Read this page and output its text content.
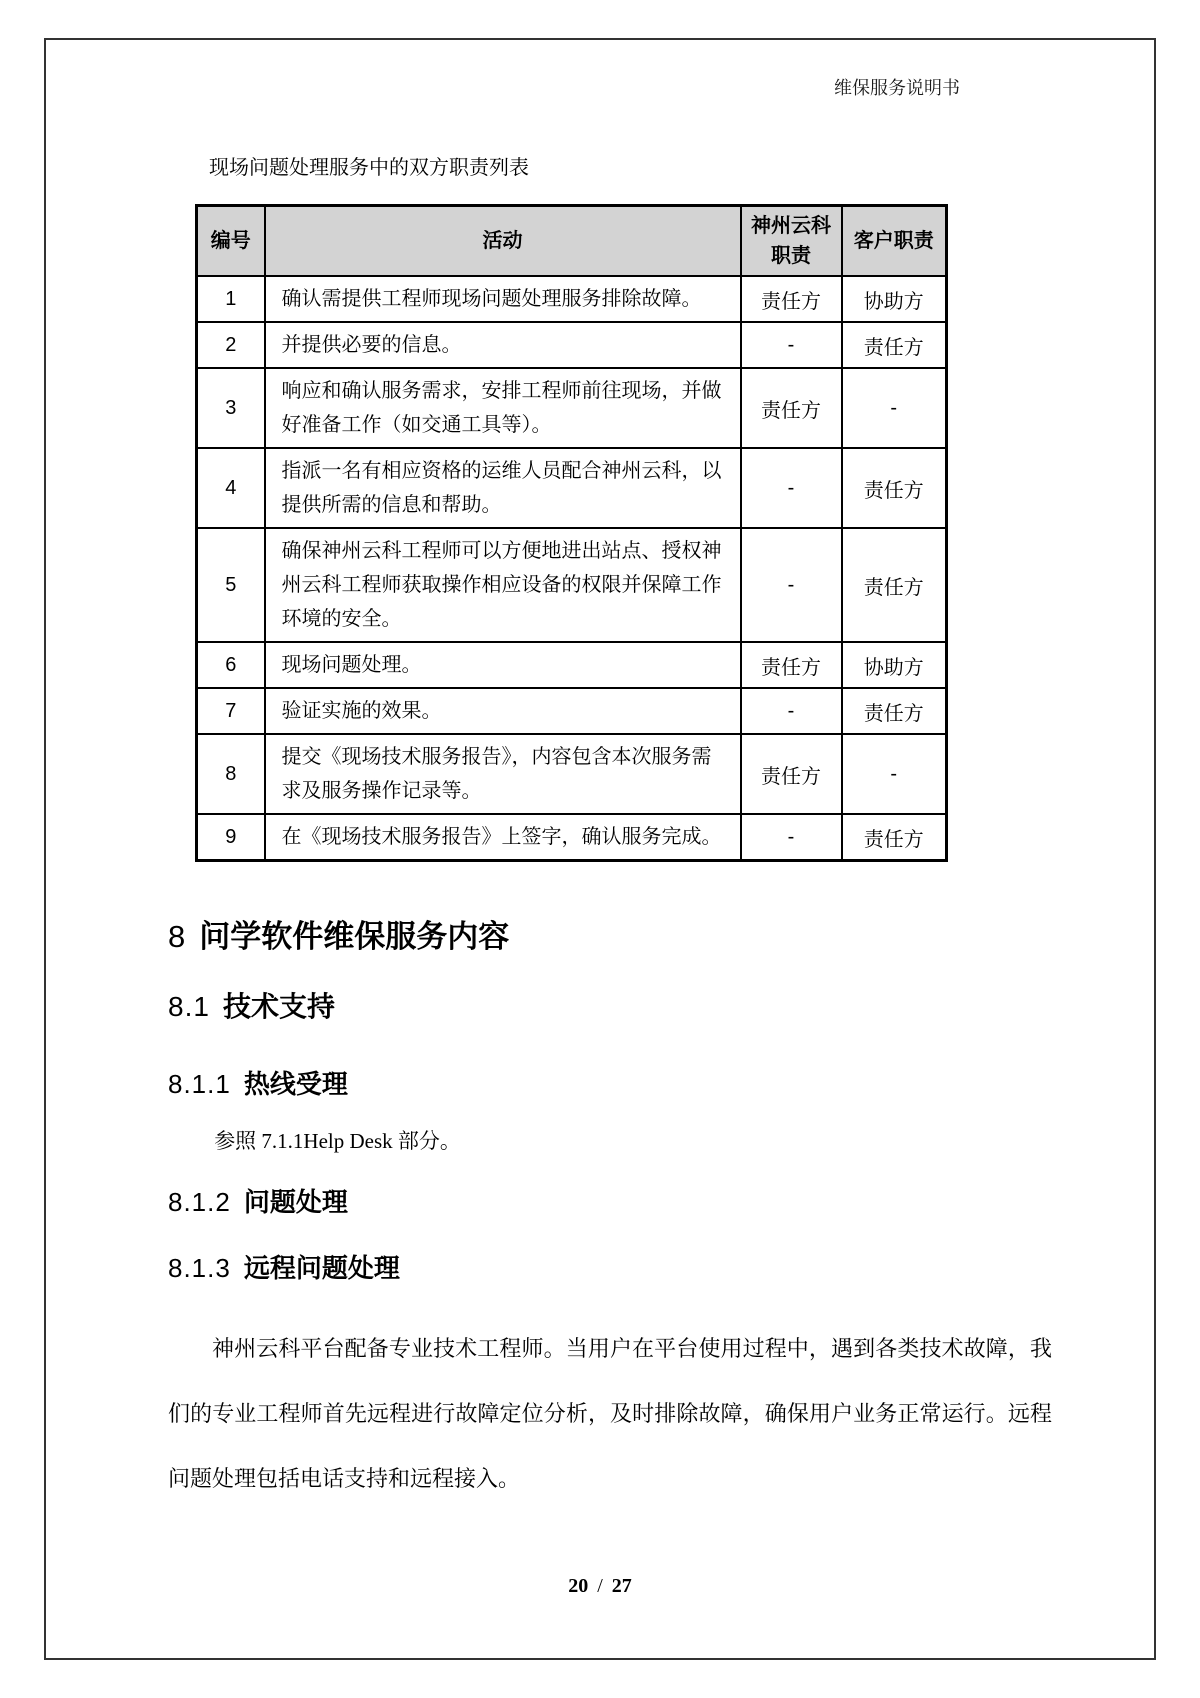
维保服务说明书

现场问题处理服务中的双方职责列表

编号	活动	神州云科职责	客户职责
1	确认需提供工程师现场问题处理服务排除故障。	责任方	协助方
2	并提供必要的信息。	-	责任方
3	响应和确认服务需求，安排工程师前往现场，并做好准备工作（如交通工具等）。	责任方	-
4	指派一名有相应资格的运维人员配合神州云科，以提供所需的信息和帮助。	-	责任方
5	确保神州云科工程师可以方便地进出站点、授权神州云科工程师获取操作相应设备的权限并保障工作环境的安全。	-	责任方
6	现场问题处理。	责任方	协助方
7	验证实施的效果。	-	责任方
8	提交《现场技术服务报告》，内容包含本次服务需求及服务操作记录等。	责任方	-
9	在《现场技术服务报告》上签字，确认服务完成。	-	责任方
8 问学软件维保服务内容
8.1 技术支持
8.1.1 热线受理

参照 7.1.1Help Desk 部分。

8.1.2 问题处理
8.1.3 远程问题处理

神州云科平台配备专业技术工程师。当用户在平台使用过程中，遇到各类技术故障，我们的专业工程师首先远程进行故障定位分析，及时排除故障，确保用户业务正常运行。远程问题处理包括电话支持和远程接入。

20 / 27
